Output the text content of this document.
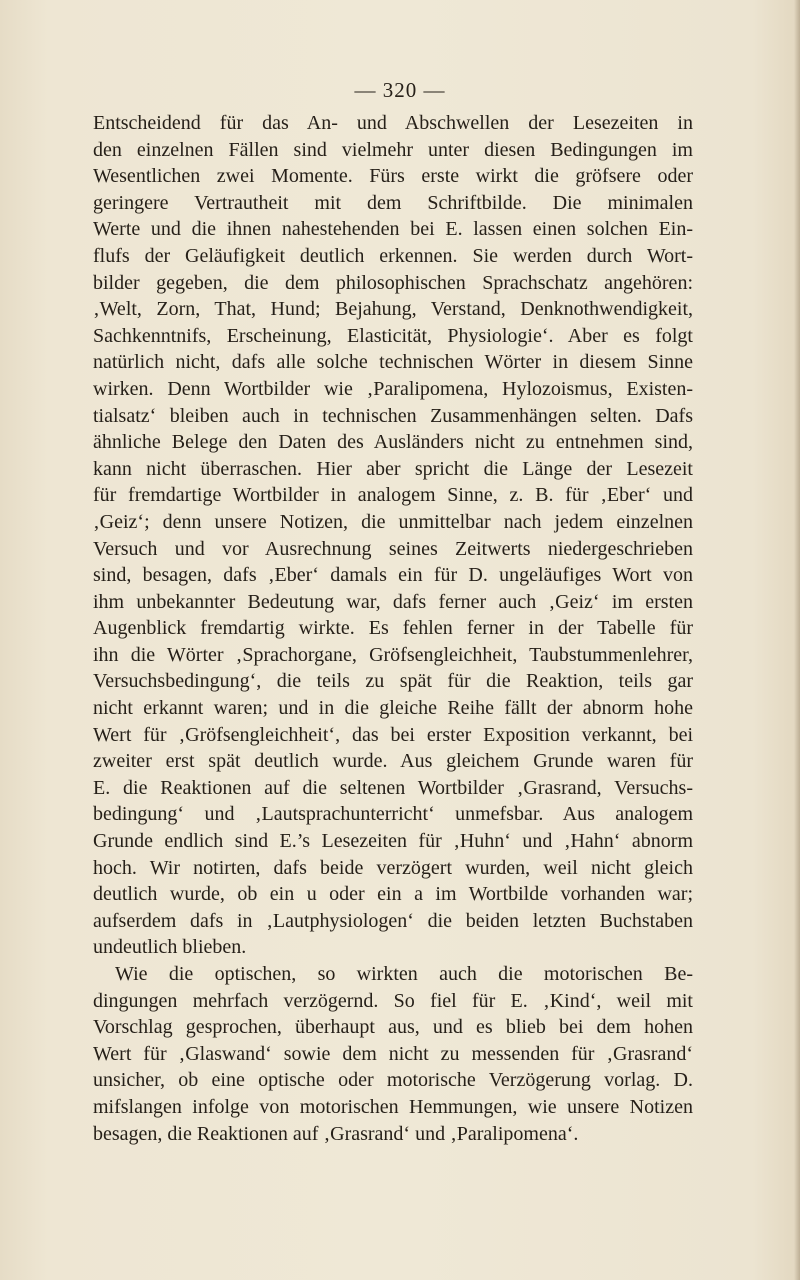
— 320 —
Entscheidend für das An- und Abschwellen der Lesezeiten in
den einzelnen Fällen sind vielmehr unter diesen Bedingungen im
Wesentlichen zwei Momente. Fürs erste wirkt die gröfsere oder
geringere Vertrautheit mit dem Schriftbilde. Die minimalen
Werte und die ihnen nahestehenden bei E. lassen einen solchen Ein-
flufs der Geläufigkeit deutlich erkennen. Sie werden durch Wort-
bilder gegeben, die dem philosophischen Sprachschatz angehören:
‚Welt, Zorn, That, Hund; Bejahung, Verstand, Denknothwendigkeit,
Sachkenntnifs, Erscheinung, Elasticität, Physiologie‘. Aber es folgt
natürlich nicht, dafs alle solche technischen Wörter in diesem Sinne
wirken. Denn Wortbilder wie ‚Paralipomena, Hylozoismus, Existen-
tialsatz‘ bleiben auch in technischen Zusammenhängen selten. Dafs
ähnliche Belege den Daten des Ausländers nicht zu entnehmen sind,
kann nicht überraschen. Hier aber spricht die Länge der Lesezeit
für fremdartige Wortbilder in analogem Sinne, z. B. für ‚Eber‘ und
‚Geiz‘; denn unsere Notizen, die unmittelbar nach jedem einzelnen
Versuch und vor Ausrechnung seines Zeitwerts niedergeschrieben
sind, besagen, dafs ‚Eber‘ damals ein für D. ungeläufiges Wort von
ihm unbekannter Bedeutung war, dafs ferner auch ‚Geiz‘ im ersten
Augenblick fremdartig wirkte. Es fehlen ferner in der Tabelle für
ihn die Wörter ‚Sprachorgane, Gröfsengleichheit, Taubstummenlehrer,
Versuchsbedingung‘, die teils zu spät für die Reaktion, teils gar
nicht erkannt waren; und in die gleiche Reihe fällt der abnorm hohe
Wert für ‚Gröfsengleichheit‘, das bei erster Exposition verkannt, bei
zweiter erst spät deutlich wurde. Aus gleichem Grunde waren für
E. die Reaktionen auf die seltenen Wortbilder ‚Grasrand, Versuchs-
bedingung‘ und ‚Lautsprachunterricht‘ unmefsbar. Aus analogem
Grunde endlich sind E.’s Lesezeiten für ‚Huhn‘ und ‚Hahn‘ abnorm
hoch. Wir notirten, dafs beide verzögert wurden, weil nicht gleich
deutlich wurde, ob ein u oder ein a im Wortbilde vorhanden war;
aufserdem dafs in ‚Lautphysiologen‘ die beiden letzten Buchstaben
undeutlich blieben.
Wie die optischen, so wirkten auch die motorischen Be-
dingungen mehrfach verzögernd. So fiel für E. ‚Kind‘, weil mit
Vorschlag gesprochen, überhaupt aus, und es blieb bei dem hohen
Wert für ‚Glaswand‘ sowie dem nicht zu messenden für ‚Grasrand‘
unsicher, ob eine optische oder motorische Verzögerung vorlag. D.
mifslangen infolge von motorischen Hemmungen, wie unsere Notizen
besagen, die Reaktionen auf ‚Grasrand‘ und ‚Paralipomena‘.
